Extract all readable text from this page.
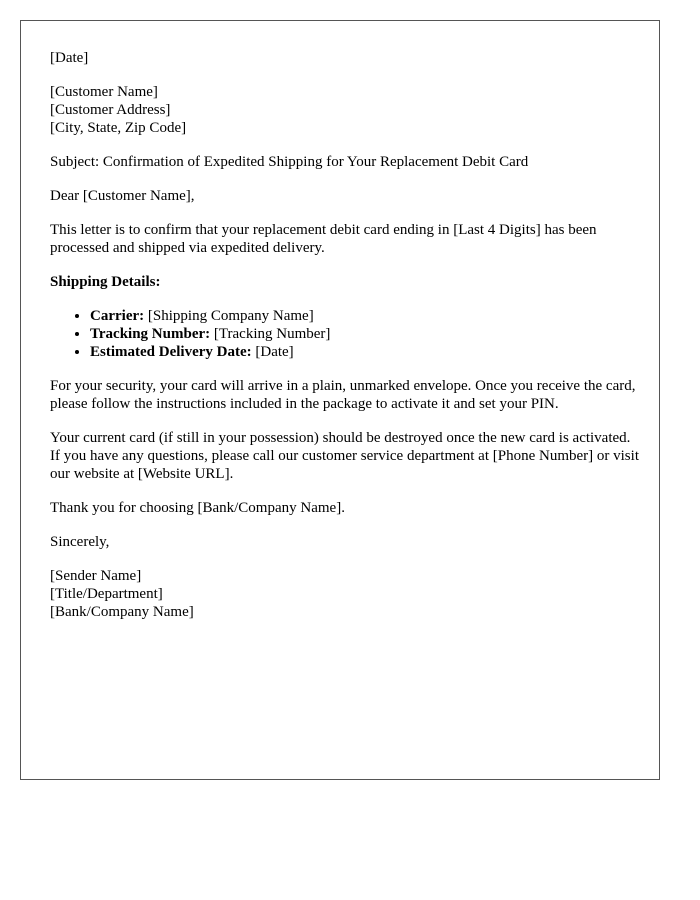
[Date]

[Customer Name]
[Customer Address]
[City, State, Zip Code]

Subject: Confirmation of Expedited Shipping for Your Replacement Debit Card

Dear [Customer Name],

This letter is to confirm that your replacement debit card ending in [Last 4 Digits] has been processed and shipped via expedited delivery.

Shipping Details:

• Carrier: [Shipping Company Name]
• Tracking Number: [Tracking Number]
• Estimated Delivery Date: [Date]

For your security, your card will arrive in a plain, unmarked envelope. Once you receive the card, please follow the instructions included in the package to activate it and set your PIN.

Your current card (if still in your possession) should be destroyed once the new card is activated. If you have any questions, please call our customer service department at [Phone Number] or visit our website at [Website URL].

Thank you for choosing [Bank/Company Name].

Sincerely,

[Sender Name]
[Title/Department]
[Bank/Company Name]
